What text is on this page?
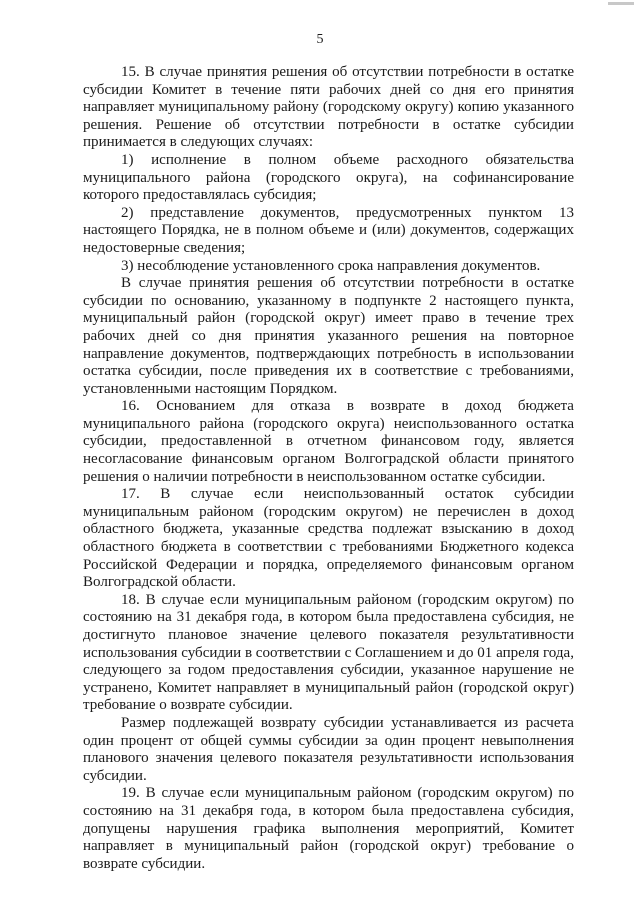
5

15. В случае принятия решения об отсутствии потребности в остатке субсидии Комитет в течение пяти рабочих дней со дня его принятия направляет муниципальному району (городскому округу) копию указанного решения. Решение об отсутствии потребности в остатке субсидии принимается в следующих случаях:

1) исполнение в полном объеме расходного обязательства муниципального района (городского округа), на софинансирование которого предоставлялась субсидия;

2) представление документов, предусмотренных пунктом 13 настоящего Порядка, не в полном объеме и (или) документов, содержащих недостоверные сведения;

3) несоблюдение установленного срока направления документов.

В случае принятия решения об отсутствии потребности в остатке субсидии по основанию, указанному в подпункте 2 настоящего пункта, муниципальный район (городской округ) имеет право в течение трех рабочих дней со дня принятия указанного решения на повторное направление документов, подтверждающих потребность в использовании остатка субсидии, после приведения их в соответствие с требованиями, установленными настоящим Порядком.

16. Основанием для отказа в возврате в доход бюджета муниципального района (городского округа) неиспользованного остатка субсидии, предоставленной в отчетном финансовом году, является несогласование финансовым органом Волгоградской области принятого решения о наличии потребности в неиспользованном остатке субсидии.

17. В случае если неиспользованный остаток субсидии муниципальным районом (городским округом) не перечислен в доход областного бюджета, указанные средства подлежат взысканию в доход областного бюджета в соответствии с требованиями Бюджетного кодекса Российской Федерации и порядка, определяемого финансовым органом Волгоградской области.

18. В случае если муниципальным районом (городским округом) по состоянию на 31 декабря года, в котором была предоставлена субсидия, не достигнуто плановое значение целевого показателя результативности использования субсидии в соответствии с Соглашением и до 01 апреля года, следующего за годом предоставления субсидии, указанное нарушение не устранено, Комитет направляет в муниципальный район (городской округ) требование о возврате субсидии.

Размер подлежащей возврату субсидии устанавливается из расчета один процент от общей суммы субсидии за один процент невыполнения планового значения целевого показателя результативности использования субсидии.

19. В случае если муниципальным районом (городским округом) по состоянию на 31 декабря года, в котором была предоставлена субсидия, допущены нарушения графика выполнения мероприятий, Комитет направляет в муниципальный район (городской округ) требование о возврате субсидии.
